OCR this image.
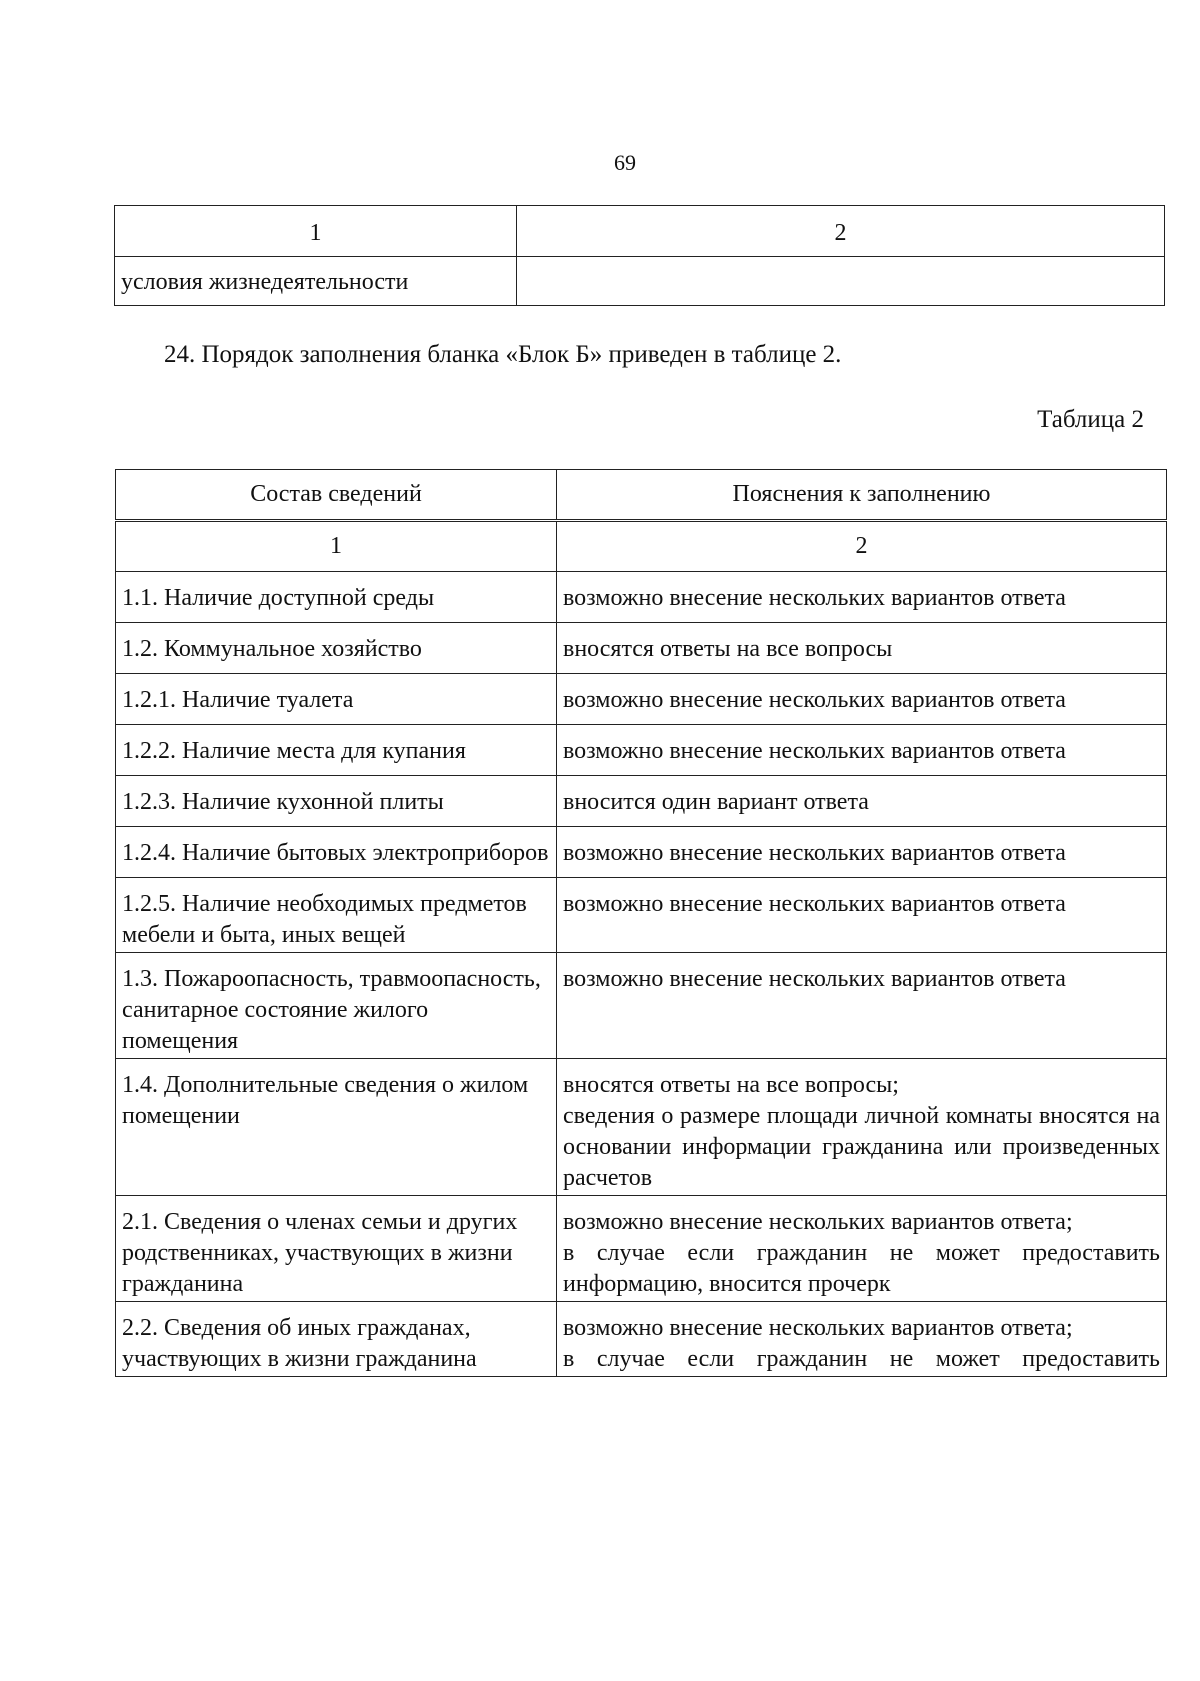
69
1	2
условия жизнедеятельности	
24. Порядок заполнения бланка «Блок Б» приведен в таблице 2.
Таблица 2
Состав сведений	Пояснения к заполнению
1	2
1.1. Наличие доступной среды	возможно внесение нескольких вариантов ответа
1.2. Коммунальное хозяйство	вносятся ответы на все вопросы
1.2.1. Наличие туалета	возможно внесение нескольких вариантов ответа
1.2.2. Наличие места для купания	возможно внесение нескольких вариантов ответа
1.2.3. Наличие кухонной плиты	вносится один вариант ответа
1.2.4. Наличие бытовых электроприборов	возможно внесение нескольких вариантов ответа
1.2.5. Наличие необходимых предметов мебели и быта, иных вещей	возможно внесение нескольких вариантов ответа
1.3. Пожароопасность, травмоопасность, санитарное состояние жилого помещения	возможно внесение нескольких вариантов ответа
1.4. Дополнительные сведения о жилом помещении	вносятся ответы на все вопросы;
сведения о размере площади личной комнаты вносятся на основании информации гражданина или произведенных расчетов

2.1. Сведения о членах семьи и других родственниках, участвующих в жизни гражданина	возможно внесение нескольких вариантов ответа;
в случае если гражданин не может предоставить информацию, вносится прочерк

2.2. Сведения об иных гражданах, участвующих в жизни гражданина	возможно внесение нескольких вариантов ответа;
в случае если гражданин не может предоставить
